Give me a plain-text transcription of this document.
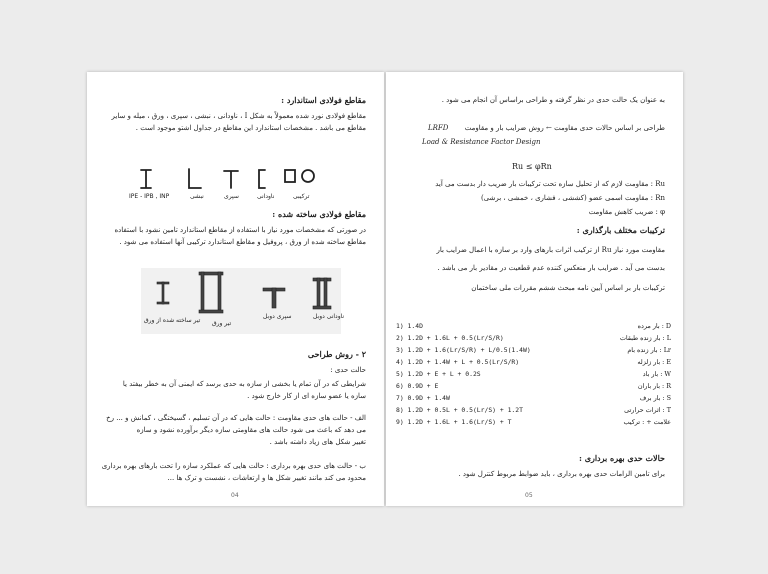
مقاطع فولادی استاندارد :
مقاطع فولادی نورد شده معمولاً به شکل I ، ناودانی ، نبشی ، سپری ، ورق ، میله و سایر
مقاطع می باشد . مشخصات استاندارد این مقاطع در جداول اشتو موجود است .
IPE - IPB , INP	نبشی	سپری	ناودانی	ترکیبی
مقاطع فولادی ساخته شده :
در صورتی که مشخصات مورد نیاز با استفاده از مقاطع استاندارد تامین نشود با استفاده
مقاطع ساخته شده از ورق ، پروفیل و مقاطع استاندارد ترکیبی آنها استفاده می شود .
تیر ساخته شده از ورق تیر ورق
سپری دوبل	ناودانی دوبل
۲ - روش طراحی
حالت حدی :
شرایطی که در آن تمام یا بخشی از سازه به حدی برسد که ایمنی آن به خطر بیفتد یا
سازه یا عضو سازه ای از کار خارج شود .
الف - حالت های حدی مقاومت : حالت هایی که در آن تسلیم ، گسیختگی ، کمانش و ... رخ
می دهد که باعث می شود حالت های مقاومتی سازه دیگر برآورده نشود و سازه
تغییر شکل های زیاد داشته باشد .
ب - حالت های حدی بهره برداری : حالت هایی که عملکرد سازه را تحت بارهای بهره برداری
محدود می کند مانند تغییر شکل ها و ارتعاشات ، نشست و ترک ها ...
04
به عنوان یک حالت حدی در نظر گرفته و طراحی براساس آن انجام می شود .
طراحی بر اساس حالات حدی مقاومت ← روش ضرایب بار و مقاومت
LRFD
Load & Resistance Factor Design
Ru ≤ φRn
Ru : مقاومت لازم که از تحلیل سازه تحت ترکیبات بار ضریب دار بدست می آید
Rn : مقاومت اسمی عضو (کششی ، فشاری ، خمشی ، برشی)
φ : ضریب کاهش مقاومت
ترکیبات مختلف بارگذاری :
مقاومت مورد نیاز Ru از ترکیب اثرات بارهای وارد بر سازه با اعمال ضرایب بار
بدست می آید . ضرایب بار منعکس کننده عدم قطعیت در مقادیر بار می باشد .
ترکیبات بار بر اساس آیین نامه مبحث ششم مقررات ملی ساختمان
1) 1.4D
2) 1.2D + 1.6L + 0.5(Lr/S/R)
3) 1.2D + 1.6(Lr/S/R) + L/0.5(1.4W)
4) 1.2D + 1.4W + L + 0.5(Lr/S/R)
5) 1.2D + E + L + 0.2S
6) 0.9D + E
7) 0.9D + 1.4W
8) 1.2D + 0.5L + 0.5(Lr/S) + 1.2T
9) 1.2D + 1.6L + 1.6(Lr/S) + T
D : بار مرده
L : بار زنده طبقات
Lr : بار زنده بام
E : بار زلزله
W : بار باد
R : بار باران
S : بار برف
T : اثرات حرارتی
علامت + : ترکیب
حالات حدی بهره برداری :
برای تامین الزامات حدی بهره برداری ، باید ضوابط مربوط کنترل شود .
05
